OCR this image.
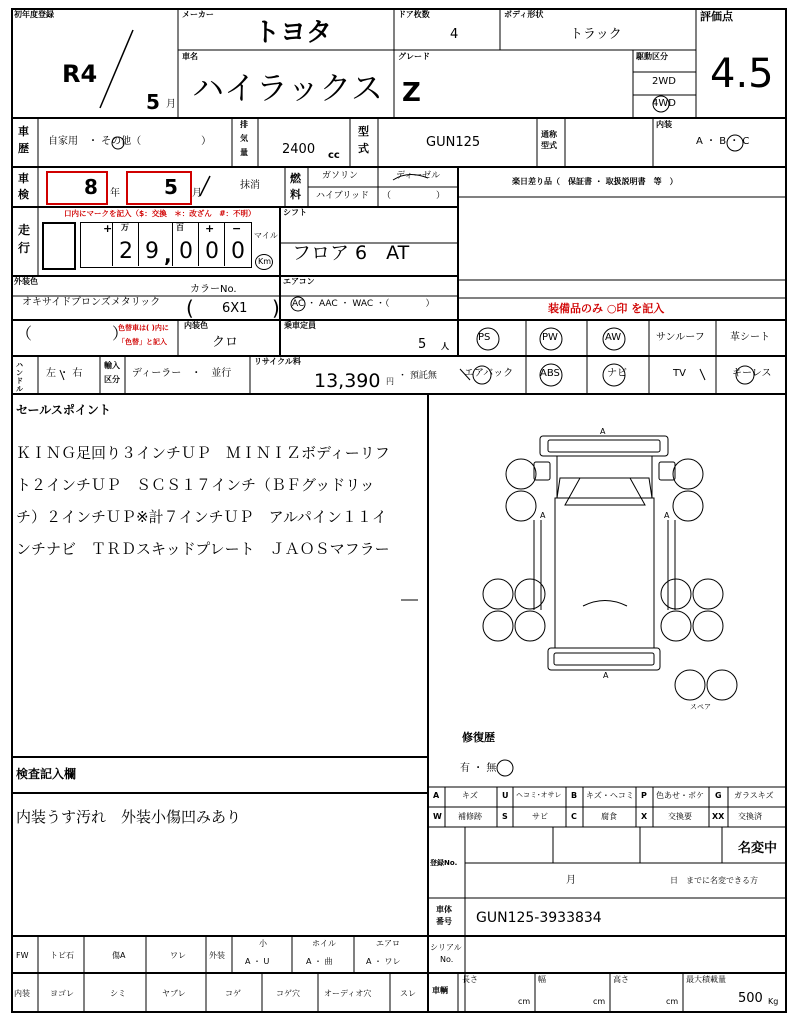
初年度登録
R4
5 月
メーカー
トヨタ
ドア枚数
4
ボディ形状
トラック
評価点
4.5
車名
ハイラックス
グレード
Z
駆動区分
2WD
4WD
車
歴
自家用　・ その他（　　　　　　）
排
気
量	2400 cc
型
式	GUN125
通称
型式
内装
A ・ B ・ C
車
検	8 年 5 月
抹消
燃
料
ガソリン	ディーゼル
ハイブリッド （　　　　　）
楽日差り品（　保証書 ・ 取扱説明書　等　）
走
行
口内にマークを記入（$：交換　＊：改ざん　#：不明）
+ 万	百 + −
2 9 , 0 0 0
マイル
Km
シフト
フロア 6　AT
エアコン
AC ・ AAC ・ WAC ・（　　　　）
外装色
オキサイドブロンズメタリック
カラーNo.
( 6X1 )	装備品のみ ○印 を記入
（　　　　　）
色替車は( )内に
「色替」と記入
内装色
クロ
乗車定員
5 人
PS	PW	AW	サンルーフ	革シート
エアバック	ABS	ナビ	TV	キーレス
ハンドル
左 ・ 右
輸入
区分
ディーラー　・　並行
リサイクル料
13,390 円
・ 預託無
セールスポイント
ＫＩＮＧ足回り３インチＵＰ　ＭＩＮＩＺボディーリフ
ト２インチＵＰ　ＳＣＳ１７インチ（ＢＦグッドリッ
チ）２インチＵＰ※計７インチＵＰ　アルパイン１１イ
ンチナビ　ＴＲＤスキッドプレート　ＪＡＯＳマフラー
A
A	A
A
スペア
修復歴
有 ・ 無
検査記入欄
内装うす汚れ　外装小傷凹みあり
A	キズ	U ヘコミ･オサレ B キズ・ヘコミ P 色あせ・ボケ G ガラスキズ
W 補修跡	S	サビ	C	腐食	X	交換要	XX 交換済
登録No.
名変中
月	日　までに名変できる方
車体
番号 GUN125-3933834
シリアル
No.
車輌
長さ
cm
幅
cm
高さ
cm
最大積載量
500 Kg
FW	トビ石	傷A	ワレ	外装
小
A ・ U
ホイル
A ・ 曲
エアロ
A ・ ワレ
内装	ヨゴレ	シミ	ヤブレ	コゲ	コゲ穴	オーディオ穴	スレ
